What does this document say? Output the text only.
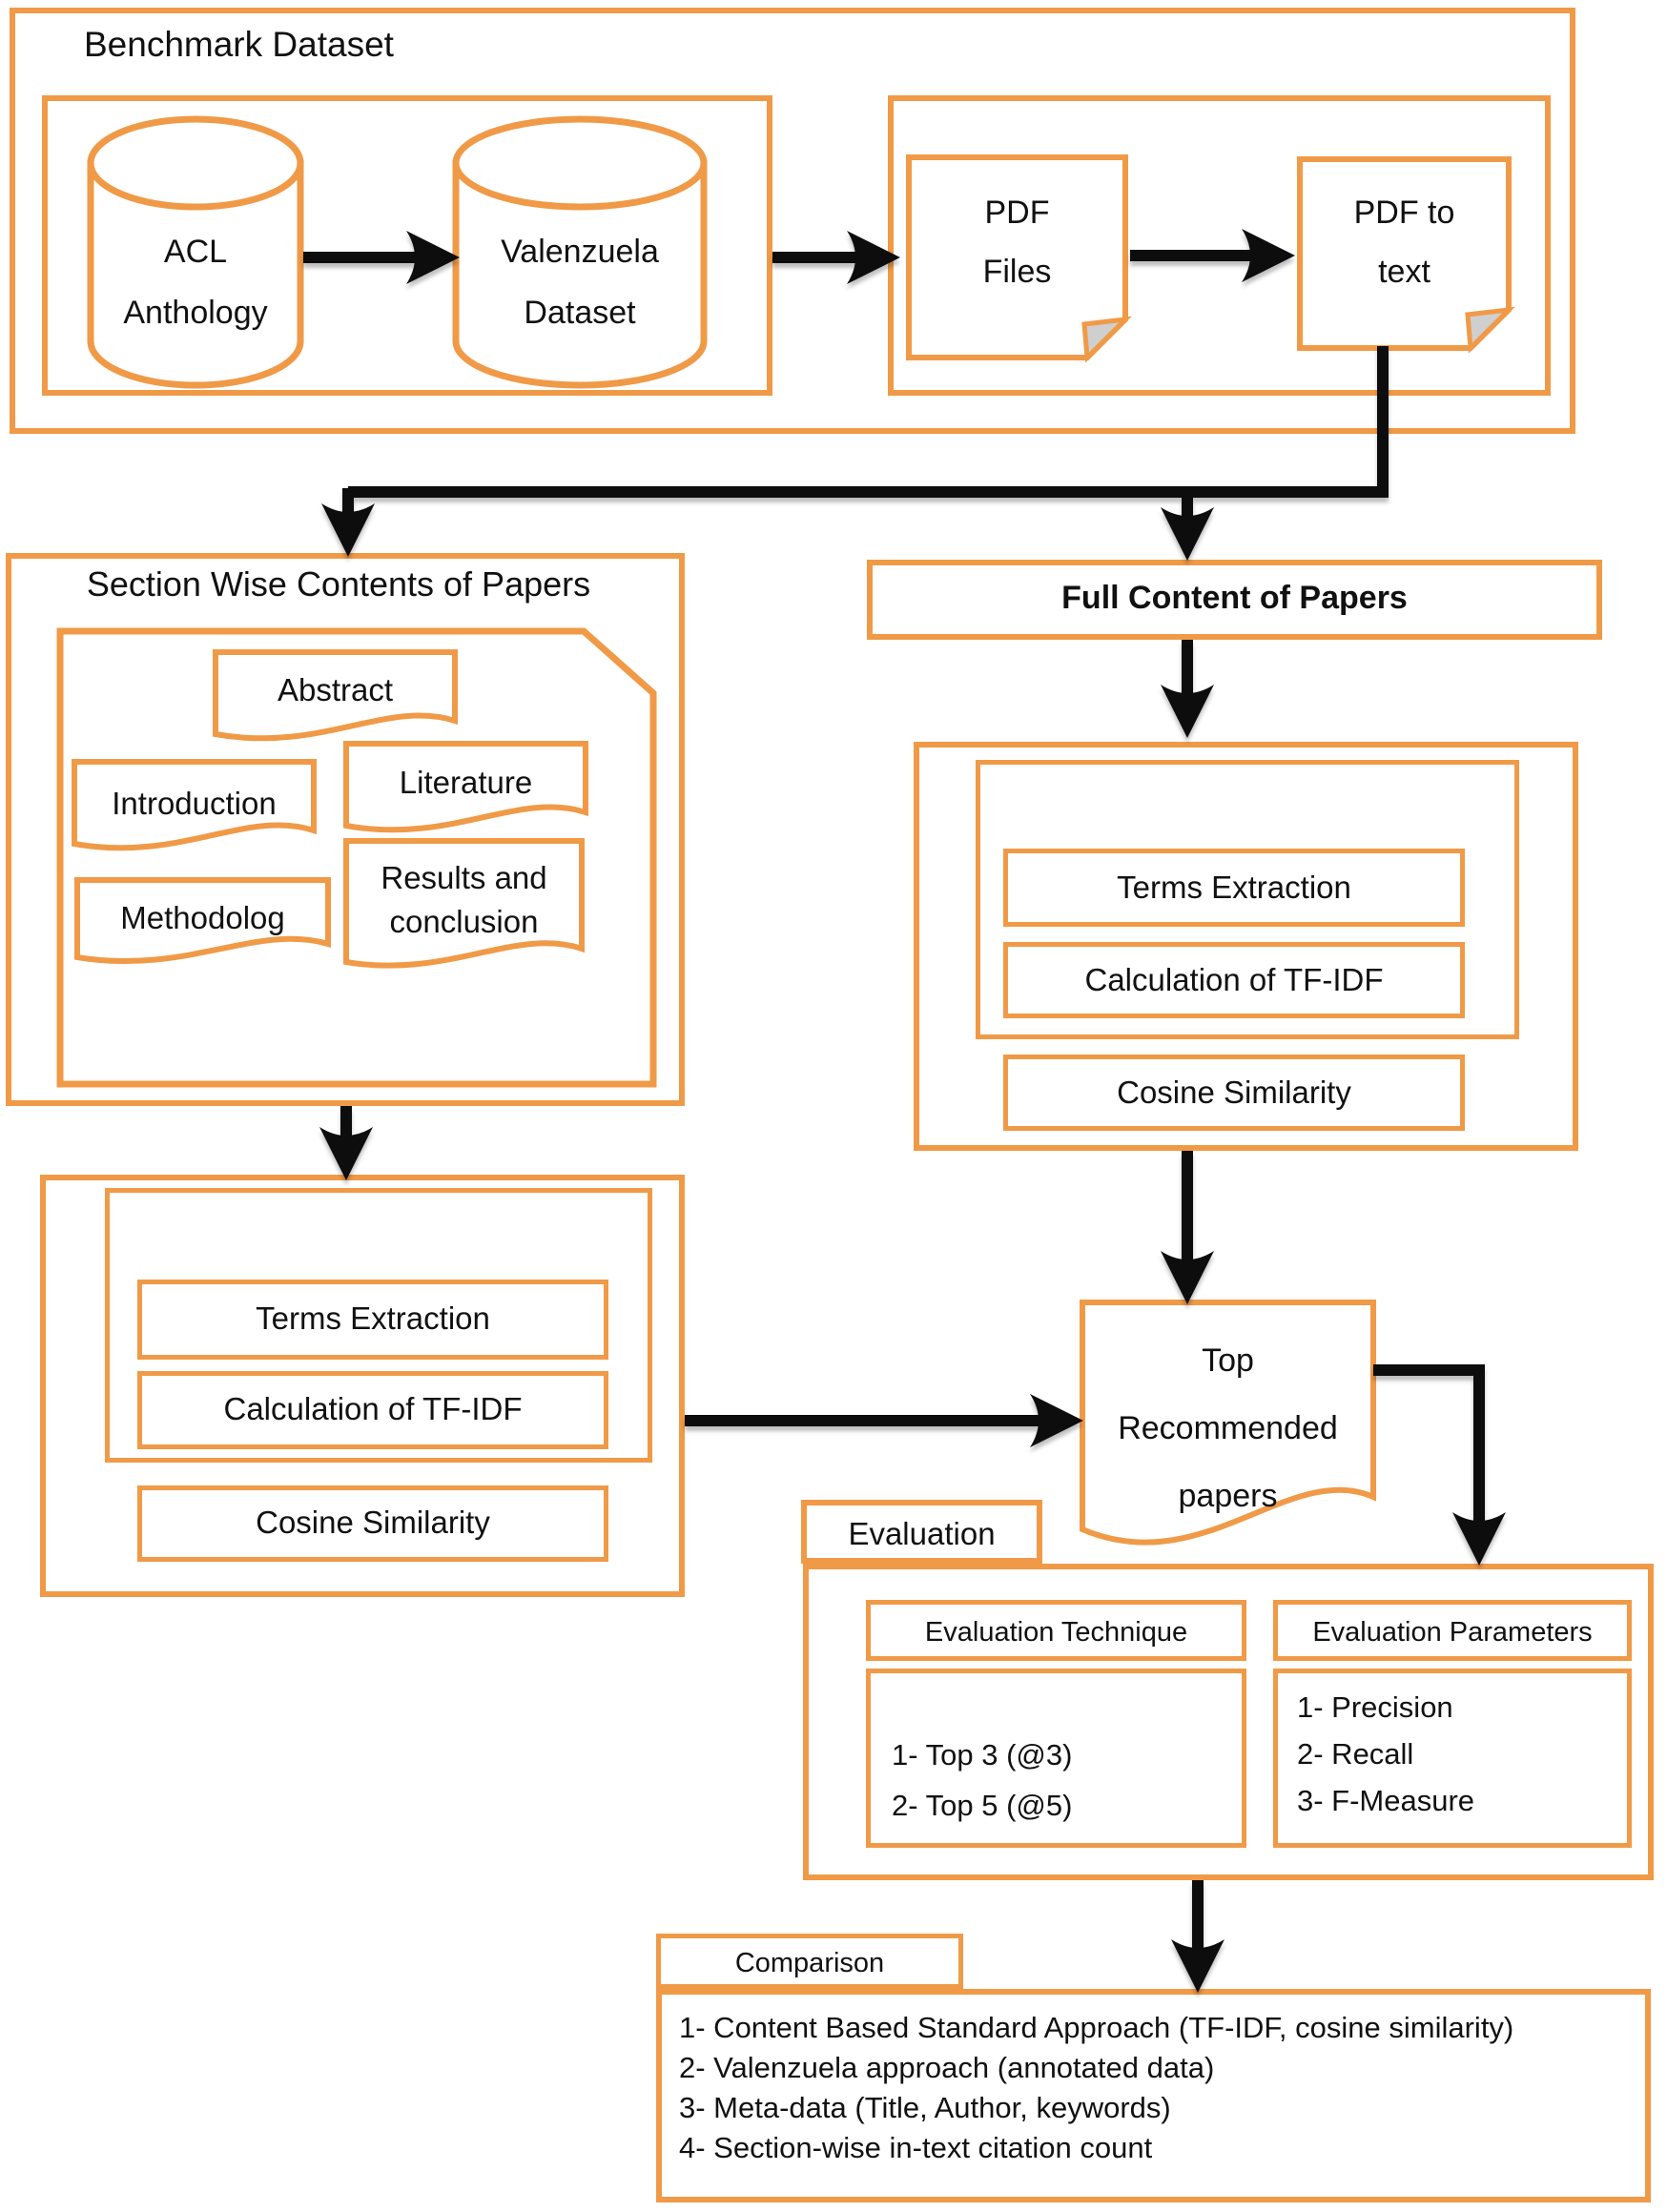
Benchmark Dataset
ACL
Anthology
Valenzuela
Dataset
PDF
Files
PDF to
text
Section Wise Contents of Papers
Abstract
Introduction
Literature
Methodolog
Results and
conclusion
Full Content of Papers
Terms Extraction
Calculation of TF-IDF
Cosine Similarity
Terms Extraction
Calculation of TF-IDF
Cosine Similarity
Top
Recommended
papers
Evaluation
Evaluation Technique	Evaluation Parameters
1- Top 3 (@3)
2- Top 5 (@5)
1- Precision
2- Recall
3- F-Measure
Comparison
1- Content Based Standard Approach (TF-IDF, cosine similarity)
2- Valenzuela approach (annotated data)
3- Meta-data (Title, Author, keywords)
4- Section-wise in-text citation count
